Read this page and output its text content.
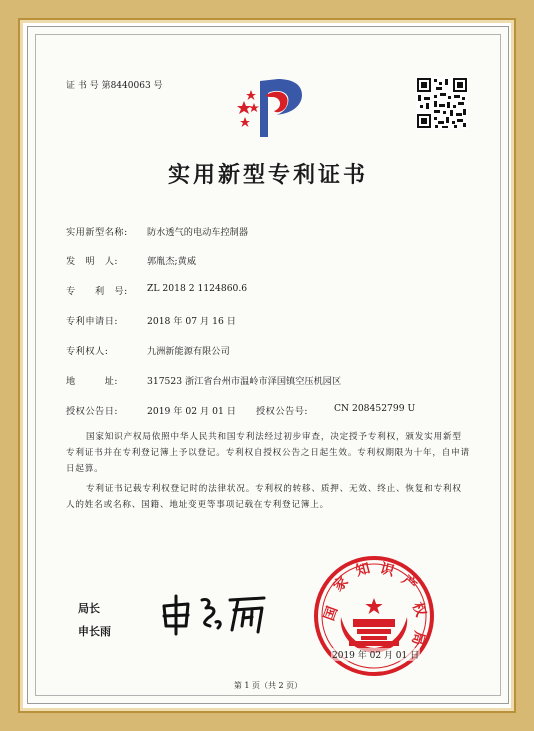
证 书 号 第8440063 号
实用新型专利证书
实用新型名称: 防水透气的电动车控制器
发　明　人:	郭胤杰;黄威
专　　利　号: ZL 2018 2 1124860.6
专利申请日:	2018 年 07 月 16 日
专利权人:	九洲新能源有限公司
地　　　址:	317523 浙江省台州市温岭市泽国镇空压机园区
授权公告日:	2019 年 02 月 01 日 授权公告号:	CN 208452799 U
国家知识产权局依照中华人民共和国专利法经过初步审查，决定授予专利权，颁发实用新型专利证书并在专利登记簿上予以登记。专利权自授权公告之日起生效。专利权期限为十年，自申请日起算。
专利证书记载专利权登记时的法律状况。专利权的转移、质押、无效、终止、恢复和专利权人的姓名或名称、国籍、地址变更等事项记载在专利登记簿上。
局长
申长雨
国
家
知 识
产
权
局
2019 年 02 月 01 日
第 1 页（共 2 页）
